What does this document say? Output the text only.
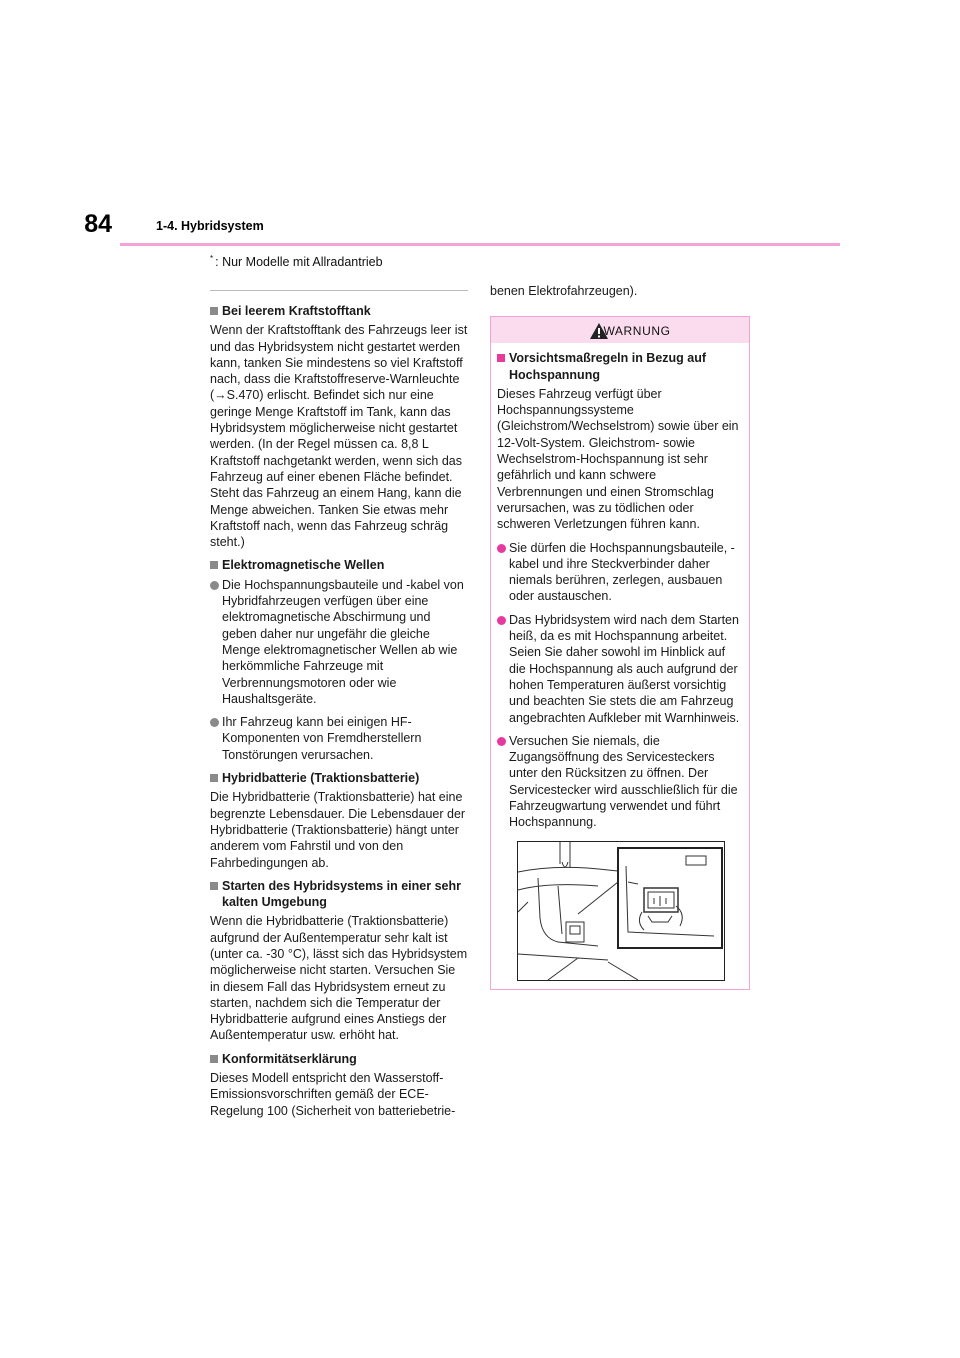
84	1-4. Hybridsystem
* : Nur Modelle mit Allradantrieb
Bei leerem Kraftstofftank

Wenn der Kraftstofftank des Fahrzeugs leer ist und das Hybridsystem nicht gestartet werden kann, tanken Sie mindestens so viel Kraftstoff nach, dass die Kraftstoffreserve-Warnleuchte (→S.470) erlischt. Befindet sich nur eine geringe Menge Kraftstoff im Tank, kann das Hybridsystem möglicherweise nicht gestartet werden. (In der Regel müssen ca. 8,8 L Kraftstoff nachgetankt werden, wenn sich das Fahrzeug auf einer ebenen Fläche befindet. Steht das Fahrzeug an einem Hang, kann die Menge abweichen. Tanken Sie etwas mehr Kraftstoff nach, wenn das Fahrzeug schräg steht.)

Elektromagnetische Wellen
Die Hochspannungsbauteile und -kabel von Hybridfahrzeugen verfügen über eine elektromagnetische Abschirmung und geben daher nur ungefähr die gleiche Menge elektromagnetischer Wellen ab wie herkömmliche Fahrzeuge mit Verbrennungsmotoren oder wie Haushaltsgeräte.
Ihr Fahrzeug kann bei einigen HF-Komponenten von Fremdherstellern Tonstörungen verursachen.
Hybridbatterie (Traktionsbatterie)

Die Hybridbatterie (Traktionsbatterie) hat eine begrenzte Lebensdauer. Die Lebensdauer der Hybridbatterie (Traktionsbatterie) hängt unter anderem vom Fahrstil und von den Fahrbedingungen ab.

Starten des Hybridsystems in einer sehr kalten Umgebung

Wenn die Hybridbatterie (Traktionsbatterie) aufgrund der Außentemperatur sehr kalt ist (unter ca. -30 °C), lässt sich das Hybridsystem möglicherweise nicht starten. Versuchen Sie in diesem Fall das Hybridsystem erneut zu starten, nachdem sich die Temperatur der Hybridbatterie aufgrund eines Anstiegs der Außentemperatur usw. erhöht hat.

Konformitätserklärung

Dieses Modell entspricht den Wasserstoff-Emissionsvorschriften gemäß der ECE-Regelung 100 (Sicherheit von batteriebetrie-

benen Elektrofahrzeugen).

WARNUNG
Vorsichtsmaßregeln in Bezug auf Hochspannung

Dieses Fahrzeug verfügt über Hochspannungssysteme (Gleichstrom/Wechselstrom) sowie über ein 12-Volt-System. Gleichstrom- sowie Wechselstrom-Hochspannung ist sehr gefährlich und kann schwere Verbrennungen und einen Stromschlag verursachen, was zu tödlichen oder schweren Verletzungen führen kann.

Sie dürfen die Hochspannungsbauteile, -kabel und ihre Steckverbinder daher niemals berühren, zerlegen, ausbauen oder austauschen.
Das Hybridsystem wird nach dem Starten heiß, da es mit Hochspannung arbeitet. Seien Sie daher sowohl im Hinblick auf die Hochspannung als auch aufgrund der hohen Temperaturen äußerst vorsichtig und beachten Sie stets die am Fahrzeug angebrachten Aufkleber mit Warnhinweis.
Versuchen Sie niemals, die Zugangsöffnung des Servicesteckers unter den Rücksitzen zu öffnen. Der Servicestecker wird ausschließlich für die Fahrzeugwartung verwendet und führt Hochspannung.
